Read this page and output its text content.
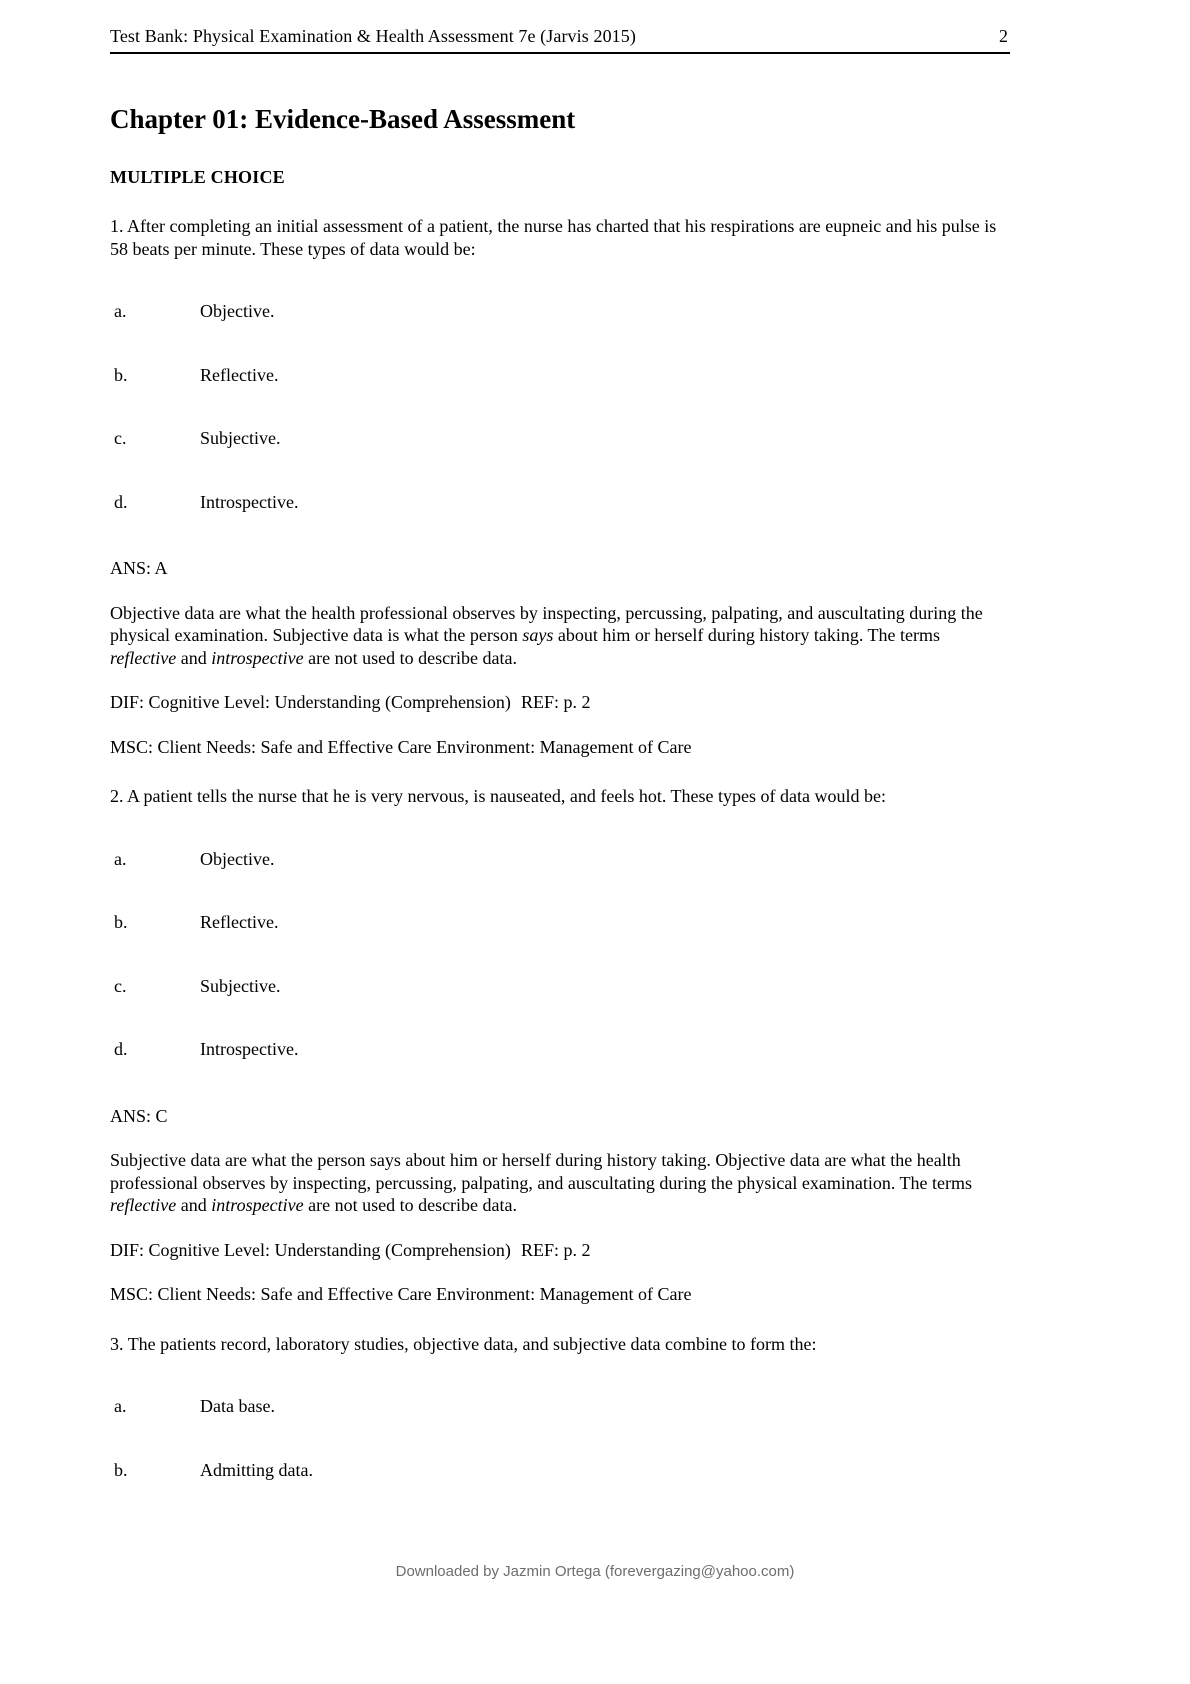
Test Bank: Physical Examination & Health Assessment 7e (Jarvis 2015)	2
Chapter 01: Evidence-Based Assessment
MULTIPLE CHOICE

1. After completing an initial assessment of a patient, the nurse has charted that his respirations are eupneic and his pulse is 58 beats per minute. These types of data would be:

a.	Objective.
b.	Reflective.
c.	Subjective.
d.	Introspective.

ANS: A

Objective data are what the health professional observes by inspecting, percussing, palpating, and auscultating during the physical examination. Subjective data is what the person says about him or herself during history taking. The terms reflective and introspective are not used to describe data.

DIF: Cognitive Level: Understanding (Comprehension) REF: p. 2

MSC: Client Needs: Safe and Effective Care Environment: Management of Care

2. A patient tells the nurse that he is very nervous, is nauseated, and feels hot. These types of data would be:

a.	Objective.
b.	Reflective.
c.	Subjective.
d.	Introspective.

ANS: C

Subjective data are what the person says about him or herself during history taking. Objective data are what the health professional observes by inspecting, percussing, palpating, and auscultating during the physical examination. The terms reflective and introspective are not used to describe data.

DIF: Cognitive Level: Understanding (Comprehension) REF: p. 2

MSC: Client Needs: Safe and Effective Care Environment: Management of Care

3. The patients record, laboratory studies, objective data, and subjective data combine to form the:

a.	Data base.
b.	Admitting data.
Downloaded by Jazmin Ortega (forevergazing@yahoo.com)
